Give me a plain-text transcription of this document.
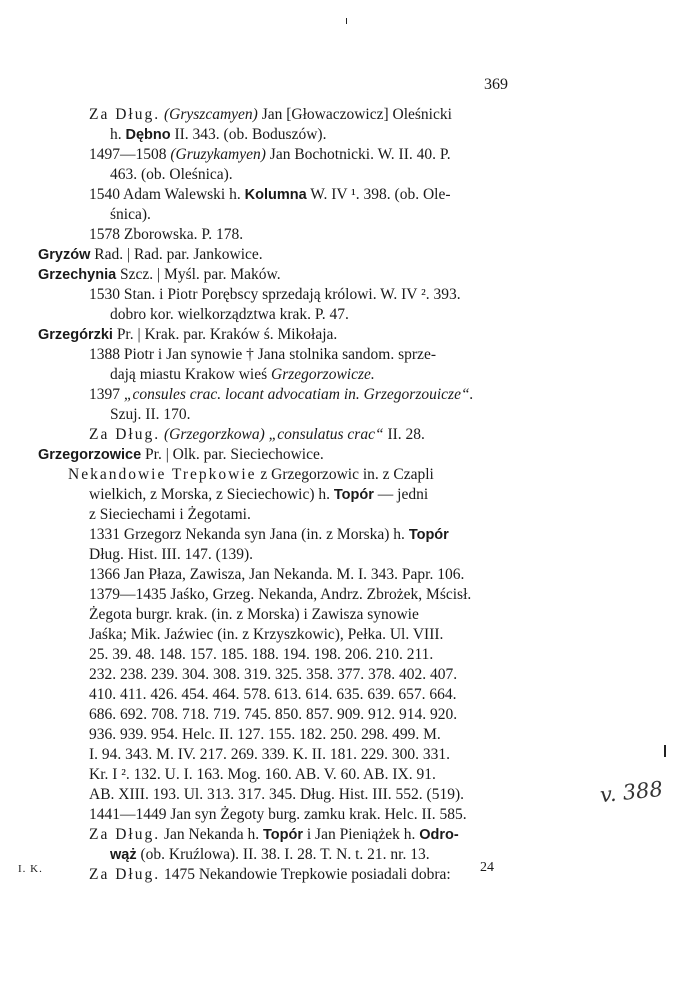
369
Za Dług. (Gryszcamyen) Jan [Głowaczowicz] Oleśnicki
h. Dębno II. 343. (ob. Boduszów).
1497—1508 (Gruzykamyen) Jan Bochotnicki. W. II. 40. P.
463. (ob. Oleśnica).
1540 Adam Walewski h. Kolumna W. IV ¹. 398. (ob. Ole-
śnica).
1578 Zborowska. P. 178.
Gryzów Rad. | Rad. par. Jankowice.
Grzechynia Szcz. | Myśl. par. Maków.
1530 Stan. i Piotr Porębscy sprzedają królowi. W. IV ². 393.
dobro kor. wielkorządztwa krak. P. 47.
Grzegórzki Pr. | Krak. par. Kraków ś. Mikołaja.
1388 Piotr i Jan synowie † Jana stolnika sandom. sprze-
dają miastu Krakow wieś Grzegorzowicze.
1397 „consules crac. locant advocatiam in. Grzegorzouicze“.
Szuj. II. 170.
Za Dług. (Grzegorzkowa) „consulatus crac“ II. 28.
Grzegorzowice Pr. | Olk. par. Sieciechowice.
Nekandowie Trepkowie z Grzegorzowic in. z Czapli
wielkich, z Morska, z Sieciechowic) h. Topór — jedni
z Sieciechami i Żegotami.
1331 Grzegorz Nekanda syn Jana (in. z Morska) h. Topór
Dług. Hist. III. 147. (139).
1366 Jan Płaza, Zawisza, Jan Nekanda. M. I. 343. Papr. 106.
1379—1435 Jaśko, Grzeg. Nekanda, Andrz. Zbrożek, Mścisł.
Żegota burgr. krak. (in. z Morska) i Zawisza synowie
Jaśka; Mik. Jaźwiec (in. z Krzyszkowic), Pełka. Ul. VIII.
25. 39. 48. 148. 157. 185. 188. 194. 198. 206. 210. 211.
232. 238. 239. 304. 308. 319. 325. 358. 377. 378. 402. 407.
410. 411. 426. 454. 464. 578. 613. 614. 635. 639. 657. 664.
686. 692. 708. 718. 719. 745. 850. 857. 909. 912. 914. 920.
936. 939. 954. Helc. II. 127. 155. 182. 250. 298. 499. M.
I. 94. 343. M. IV. 217. 269. 339. K. II. 181. 229. 300. 331.
Kr. I ². 132. U. I. 163. Mog. 160. AB. V. 60. AB. IX. 91.
AB. XIII. 193. Ul. 313. 317. 345. Dług. Hist. III. 552. (519).
1441—1449 Jan syn Żegoty burg. zamku krak. Helc. II. 585.
Za Dług. Jan Nekanda h. Topór i Jan Pieniążek h. Odro-
wąż (ob. Kruźlowa). II. 38. I. 28. T. N. t. 21. nr. 13.
Za Dług. 1475 Nekandowie Trepkowie posiadali dobra:
v. 388
I. K.	24
